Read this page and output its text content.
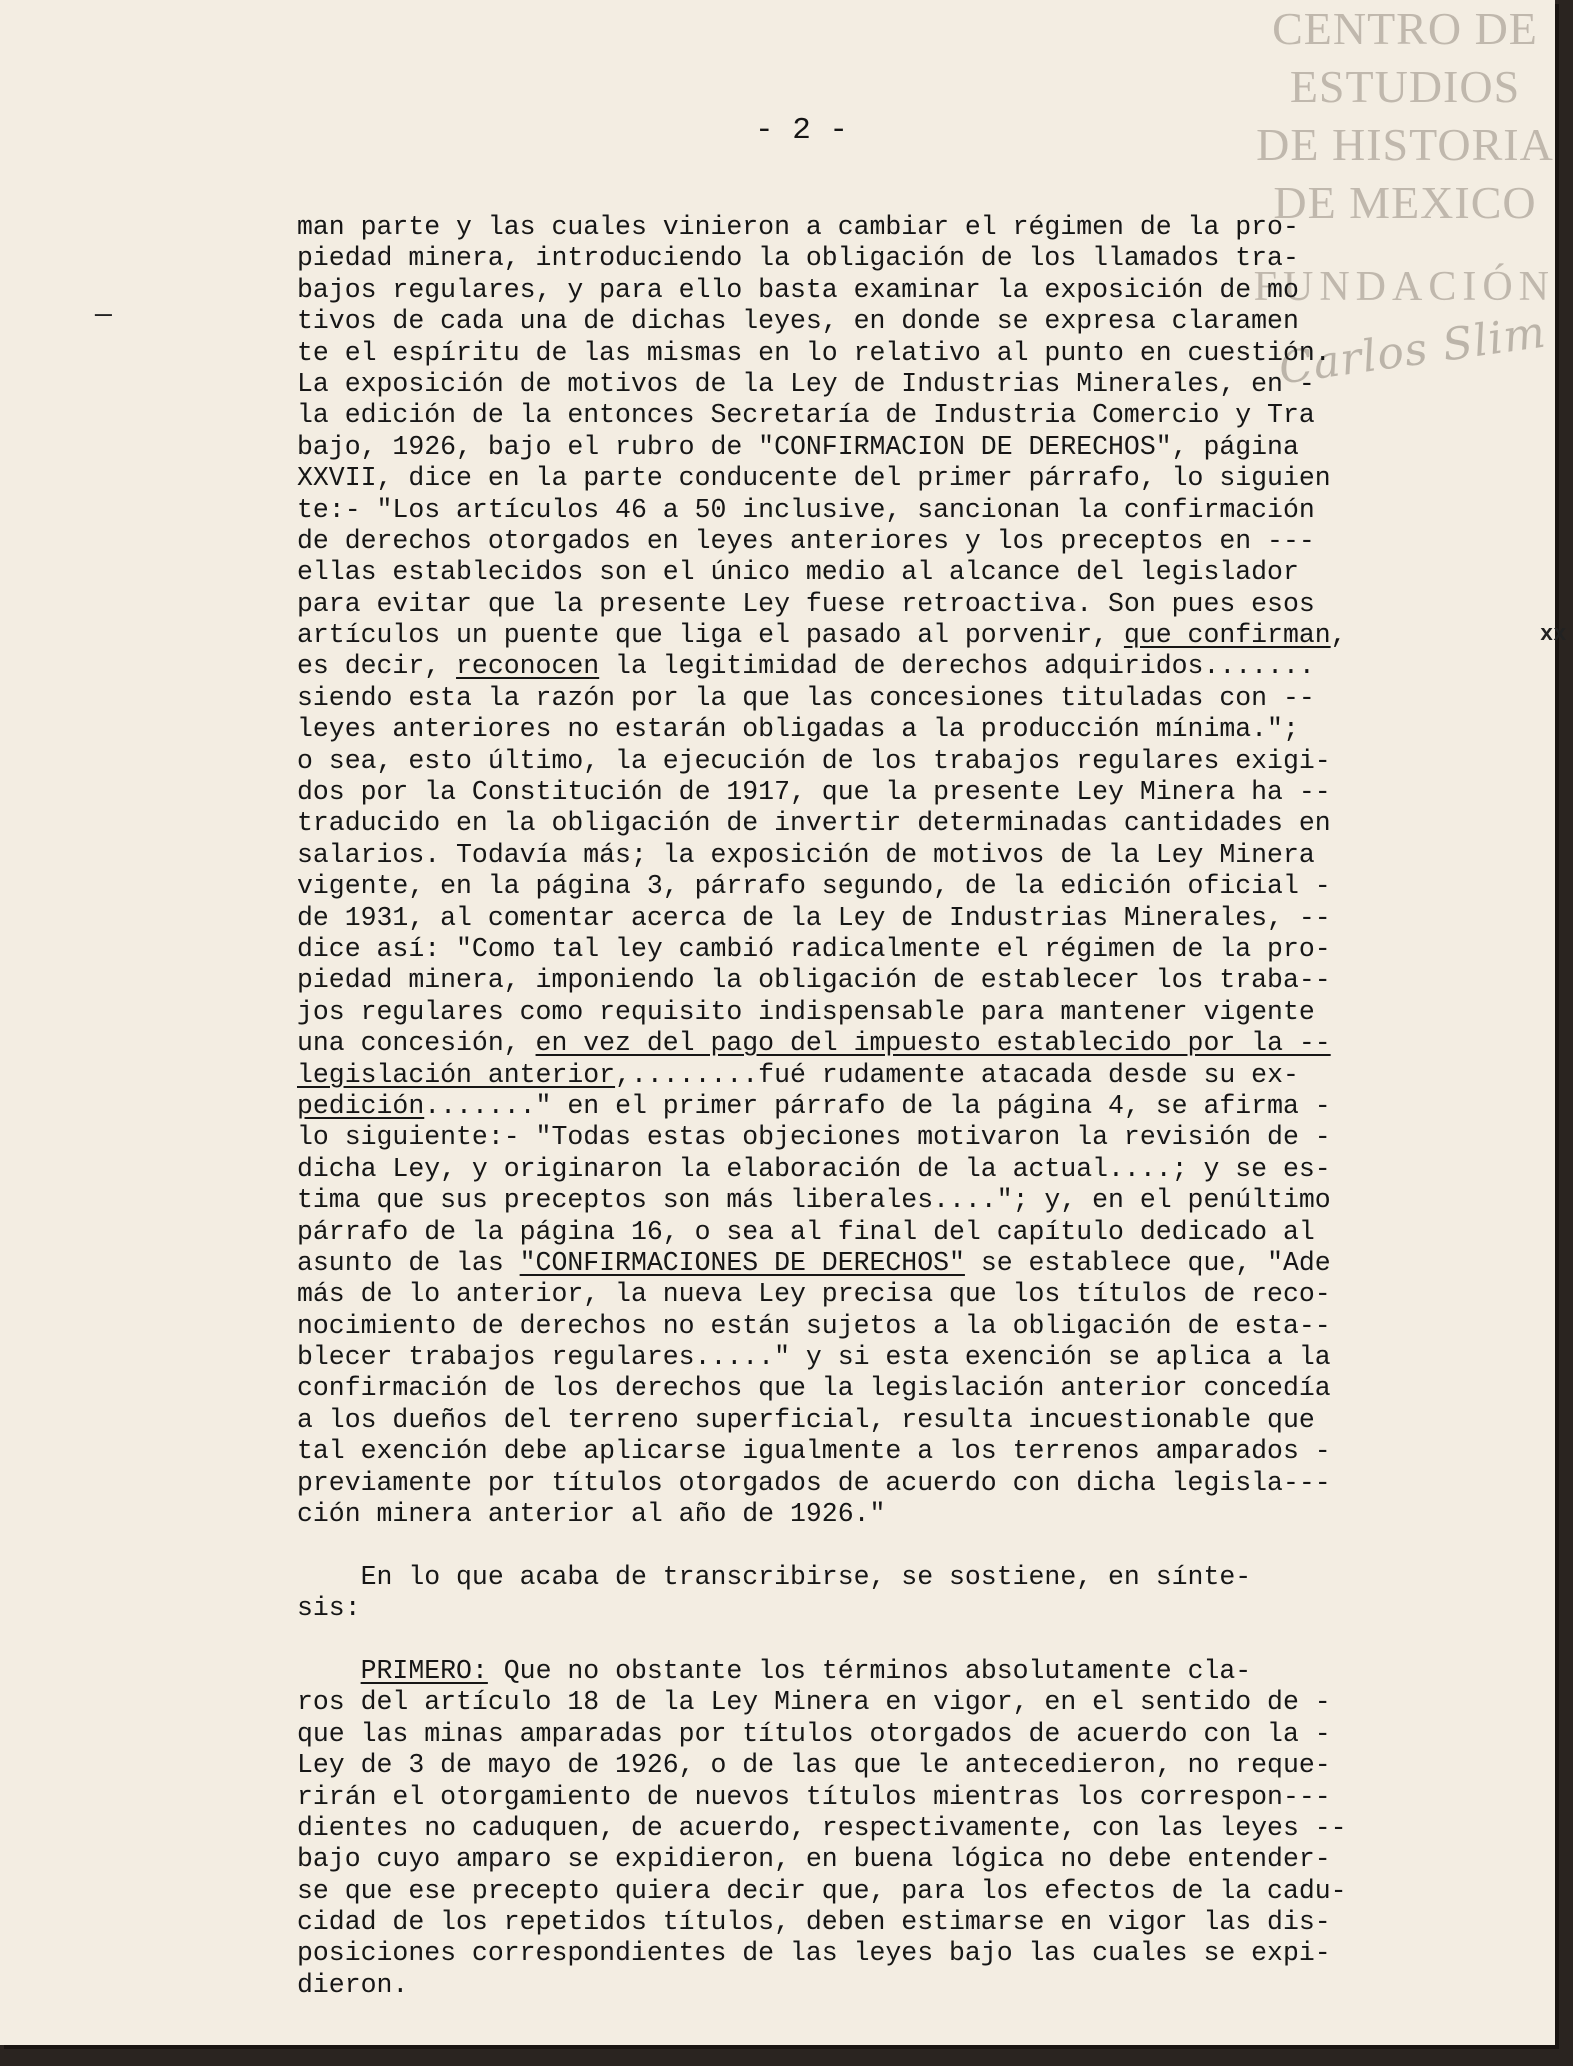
CENTRO DE
ESTUDIOS
DE HISTORIA
DE MEXICO
FUNDACIÓN
Carlos Slim
- 2 -
—
xx
man parte y las cuales vinieron a cambiar el régimen de la pro-
piedad minera, introduciendo la obligación de los llamados tra-
bajos regulares, y para ello basta examinar la exposición de mo
tivos de cada una de dichas leyes, en donde se expresa claramen
te el espíritu de las mismas en lo relativo al punto en cuestión.
La exposición de motivos de la Ley de Industrias Minerales, en -
la edición de la entonces Secretaría de Industria Comercio y Tra
bajo, 1926, bajo el rubro de "CONFIRMACION DE DERECHOS", página
XXVII, dice en la parte conducente del primer párrafo, lo siguien
te:- "Los artículos 46 a 50 inclusive, sancionan la confirmación
de derechos otorgados en leyes anteriores y los preceptos en ---
ellas establecidos son el único medio al alcance del legislador
para evitar que la presente Ley fuese retroactiva. Son pues esos
artículos un puente que liga el pasado al porvenir, que confirman,
es decir, reconocen la legitimidad de derechos adquiridos.......
siendo esta la razón por la que las concesiones tituladas con --
leyes anteriores no estarán obligadas a la producción mínima.";
o sea, esto último, la ejecución de los trabajos regulares exigi-
dos por la Constitución de 1917, que la presente Ley Minera ha --
traducido en la obligación de invertir determinadas cantidades en
salarios. Todavía más; la exposición de motivos de la Ley Minera
vigente, en la página 3, párrafo segundo, de la edición oficial -
de 1931, al comentar acerca de la Ley de Industrias Minerales, --
dice así: "Como tal ley cambió radicalmente el régimen de la pro-
piedad minera, imponiendo la obligación de establecer los traba--
jos regulares como requisito indispensable para mantener vigente
una concesión, en vez del pago del impuesto establecido por la --
legislación anterior,........fué rudamente atacada desde su ex-
pedición......." en el primer párrafo de la página 4, se afirma -
lo siguiente:- "Todas estas objeciones motivaron la revisión de -
dicha Ley, y originaron la elaboración de la actual....; y se es-
tima que sus preceptos son más liberales...."; y, en el penúltimo
párrafo de la página 16, o sea al final del capítulo dedicado al
asunto de las "CONFIRMACIONES DE DERECHOS" se establece que, "Ade
más de lo anterior, la nueva Ley precisa que los títulos de reco-
nocimiento de derechos no están sujetos a la obligación de esta--
blecer trabajos regulares....." y si esta exención se aplica a la
confirmación de los derechos que la legislación anterior concedía
a los dueños del terreno superficial, resulta incuestionable que
tal exención debe aplicarse igualmente a los terrenos amparados -
previamente por títulos otorgados de acuerdo con dicha legisla---
ción minera anterior al año de 1926."
En lo que acaba de transcribirse, se sostiene, en sínte-
sis:
PRIMERO: Que no obstante los términos absolutamente cla-
ros del artículo 18 de la Ley Minera en vigor, en el sentido de -
que las minas amparadas por títulos otorgados de acuerdo con la -
Ley de 3 de mayo de 1926, o de las que le antecedieron, no reque-
rirán el otorgamiento de nuevos títulos mientras los correspon---
dientes no caduquen, de acuerdo, respectivamente, con las leyes --
bajo cuyo amparo se expidieron, en buena lógica no debe entender-
se que ese precepto quiera decir que, para los efectos de la cadu-
cidad de los repetidos títulos, deben estimarse en vigor las dis-
posiciones correspondientes de las leyes bajo las cuales se expi-
dieron.
